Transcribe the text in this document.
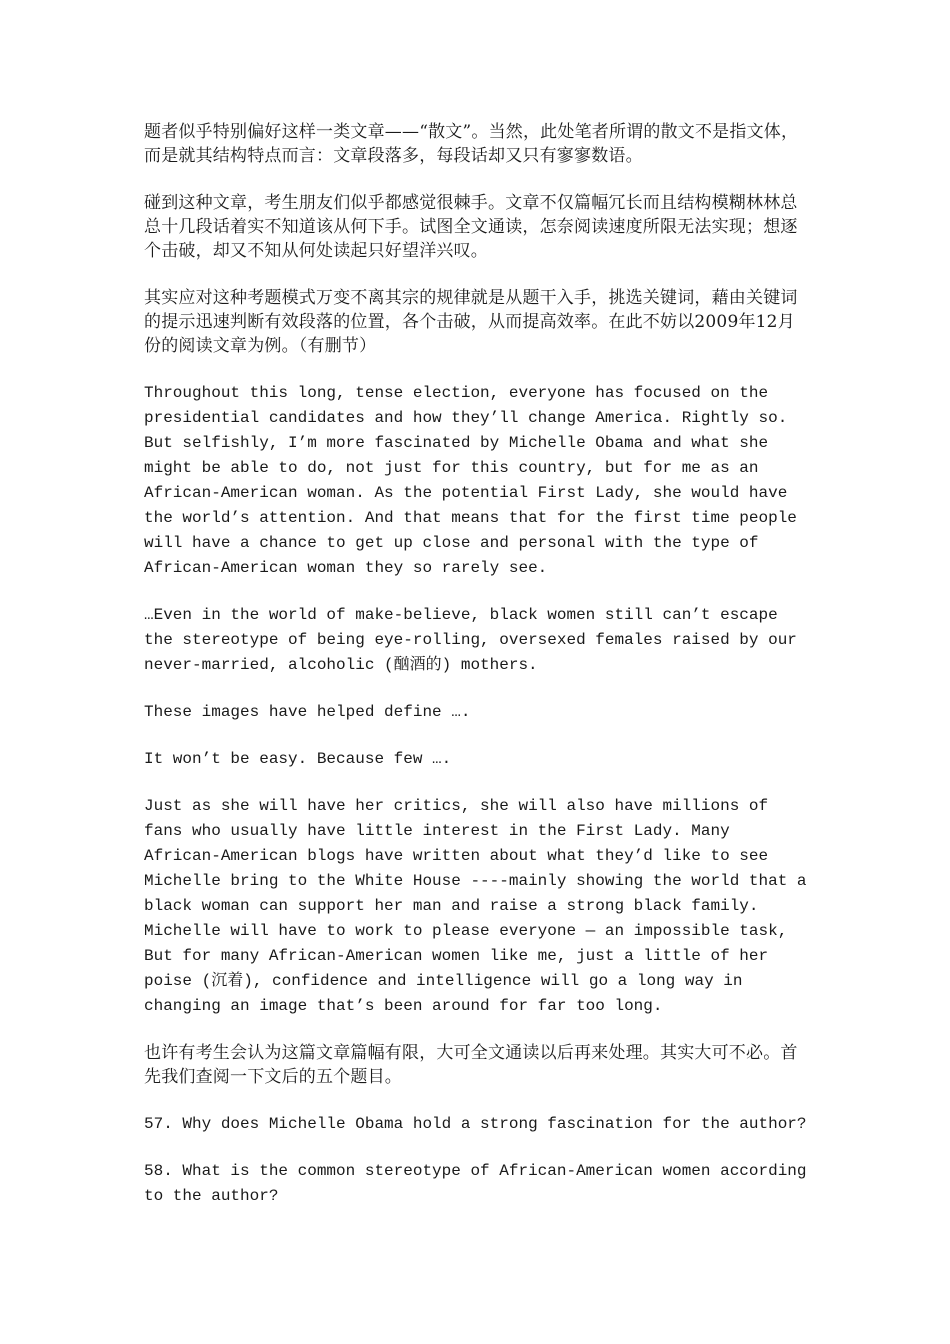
题者似乎特别偏好这样一类文章——“散文”。当然，此处笔者所谓的散文不是指文体，而是就其结构特点而言：文章段落多，每段话却又只有寥寥数语。

碰到这种文章，考生朋友们似乎都感觉很棘手。文章不仅篇幅冗长而且结构模糊林林总总十几段话着实不知道该从何下手。试图全文通读，怎奈阅读速度所限无法实现；想逐个击破，却又不知从何处读起只好望洋兴叹。

其实应对这种考题模式万变不离其宗的规律就是从题干入手，挑选关键词，藉由关键词的提示迅速判断有效段落的位置，各个击破，从而提高效率。在此不妨以2009年12月份的阅读文章为例。（有删节）

Throughout this long, tense election, everyone has focused on the
presidential candidates and how they’ll change America. Rightly so.
But selfishly, I’m more fascinated by Michelle Obama and what she
might be able to do, not just for this country, but for me as an
African-American woman. As the potential First Lady, she would have
the world’s attention. And that means that for the first time people
will have a chance to get up close and personal with the type of
African-American woman they so rarely see.

…Even in the world of make-believe, black women still can’t escape
the stereotype of being eye-rolling, oversexed females raised by our
never-married, alcoholic (酗酒的) mothers.

These images have helped define ….

It won’t be easy. Because few ….

Just as she will have her critics, she will also have millions of
fans who usually have little interest in the First Lady. Many
African-American blogs have written about what they’d like to see
Michelle bring to the White House ----mainly showing the world that a
black woman can support her man and raise a strong black family.
Michelle will have to work to please everyone — an impossible task,
But for many African-American women like me, just a little of her
poise (沉着), confidence and intelligence will go a long way in
changing an image that’s been around for far too long.

也许有考生会认为这篇文章篇幅有限，大可全文通读以后再来处理。其实大可不必。首先我们查阅一下文后的五个题目。

57. Why does Michelle Obama hold a strong fascination for the author?

58. What is the common stereotype of African-American women according
to the author?
